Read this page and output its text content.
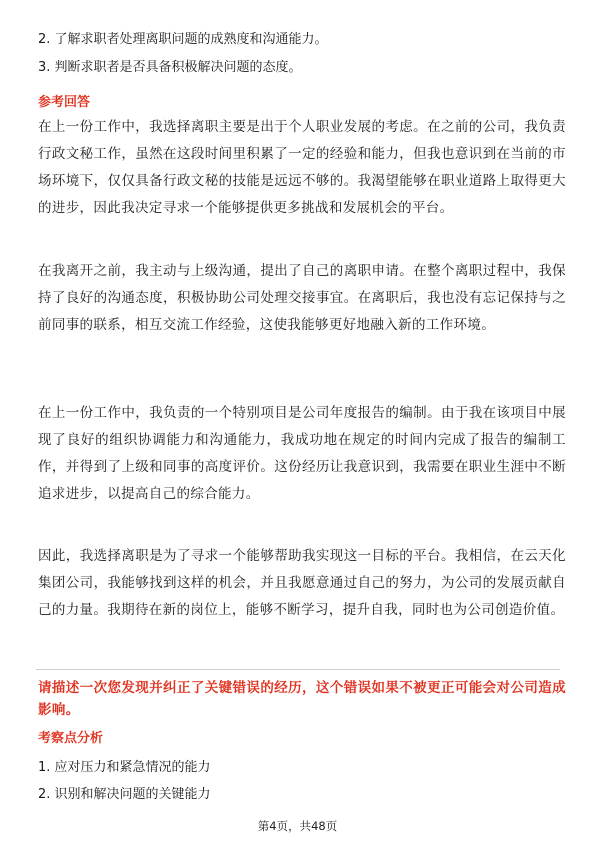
2. 了解求职者处理离职问题的成熟度和沟通能力。
3. 判断求职者是否具备积极解决问题的态度。
参考回答
在上一份工作中，我选择离职主要是出于个人职业发展的考虑。在之前的公司，我负责行政文秘工作，虽然在这段时间里积累了一定的经验和能力，但我也意识到在当前的市场环境下，仅仅具备行政文秘的技能是远远不够的。我渴望能够在职业道路上取得更大的进步，因此我决定寻求一个能够提供更多挑战和发展机会的平台。
在我离开之前，我主动与上级沟通，提出了自己的离职申请。在整个离职过程中，我保持了良好的沟通态度，积极协助公司处理交接事宜。在离职后，我也没有忘记保持与之前同事的联系，相互交流工作经验，这使我能够更好地融入新的工作环境。
在上一份工作中，我负责的一个特别项目是公司年度报告的编制。由于我在该项目中展现了良好的组织协调能力和沟通能力，我成功地在规定的时间内完成了报告的编制工作，并得到了上级和同事的高度评价。这份经历让我意识到，我需要在职业生涯中不断追求进步，以提高自己的综合能力。
因此，我选择离职是为了寻求一个能够帮助我实现这一目标的平台。我相信，在云天化集团公司，我能够找到这样的机会，并且我愿意通过自己的努力，为公司的发展贡献自己的力量。我期待在新的岗位上，能够不断学习，提升自我，同时也为公司创造价值。
请描述一次您发现并纠正了关键错误的经历，这个错误如果不被更正可能会对公司造成影响。
考察点分析
1. 应对压力和紧急情况的能力
2. 识别和解决问题的关键能力
第4页，共48页
